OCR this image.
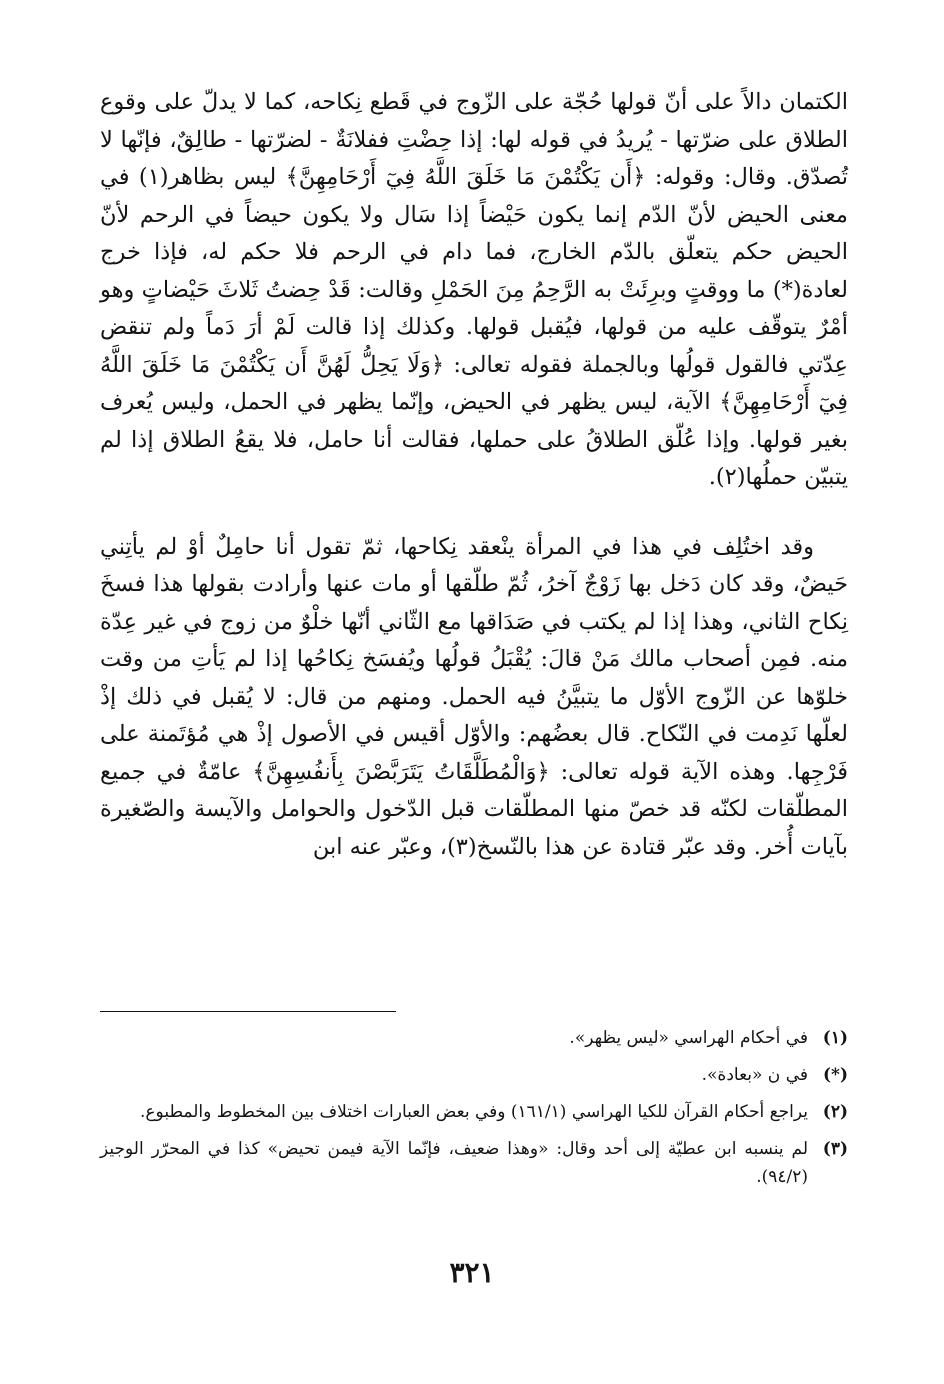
الكتمان دالاً على أنّ قولها حُجّة على الزّوج في قَطع نِكاحه، كما لا يدلّ على وقوع الطلاق على ضرّتها - يُريدُ في قوله لها: إذا حِضْتِ ففلانَةٌ - لضرّتها - طالِقٌ، فإنّها لا تُصدّق. وقال: وقوله: ﴿أَن يَكْتُمْنَ مَا خَلَقَ اللَّهُ فِيٓ أَرْحَامِهِنَّ﴾ ليس بظاهر(١) في معنى الحيض لأنّ الدّم إنما يكون حَيْضاً إذا سَال ولا يكون حيضاً في الرحم لأنّ الحيض حكم يتعلّق بالدّم الخارج، فما دام في الرحم فلا حكم له، فإذا خرج لعادة(*) ما ووقتٍ وبرِئَتْ به الرَّحِمُ مِنَ الحَمْلِ وقالت: قَدْ حِضتُ ثَلاثَ حَيْضاتٍ وهو أمْرٌ يتوقّف عليه من قولها، فيُقبل قولها. وكذلك إذا قالت لَمْ أرَ دَماً ولم تنقض عِدّتي فالقول قولُها وبالجملة فقوله تعالى: ﴿وَلَا يَحِلُّ لَهُنَّ أَن يَكْتُمْنَ مَا خَلَقَ اللَّهُ فِيٓ أَرْحَامِهِنَّ﴾ الآية، ليس يظهر في الحيض، وإنّما يظهر في الحمل، وليس يُعرف بغير قولها. وإذا عُلّق الطلاقُ على حملها، فقالت أنا حامل، فلا يقعُ الطلاق إذا لم يتبيّن حملُها(٢).

وقد اختُلِف في هذا في المرأة ينْعقد نِكاحها، ثمّ تقول أنا حامِلٌ أوْ لم يأتِني حَيضٌ، وقد كان دَخل بها زَوْجٌ آخرُ، ثُمّ طلّقها أو مات عنها وأرادت بقولها هذا فسخَ نِكاح الثاني، وهذا إذا لم يكتب في صَدَاقها مع الثّاني أنّها خلْوٌ من زوج في غير عِدّة منه. فمِن أصحاب مالك مَنْ قالَ: يُقْبَلُ قولُها ويُفسَخ نِكاحُها إذا لم يَأتِ من وقت خلوّها عن الزّوج الأوّل ما يتبيَّنُ فيه الحمل. ومنهم من قال: لا يُقبل في ذلك إذْ لعلّها نَدِمت في النّكاح. قال بعضُهم: والأوّل أقيس في الأصول إذْ هي مُؤتَمنة على فَرْجِها. وهذه الآية قوله تعالى: ﴿وَالْمُطَلَّقَاتُ يَتَرَبَّصْنَ بِأَنفُسِهِنَّ﴾ عامّةٌ في جميع المطلّقات لكنّه قد خصّ منها المطلّقات قبل الدّخول والحوامل والآيسة والصّغيرة بآيات أُخر. وقد عبّر قتادة عن هذا بالنّسخ(٣)، وعبّر عنه ابن

(١)
في أحكام الهراسي «ليس يظهر».
(*)
في ن «بعادة».
(٢)
يراجع أحكام القرآن للكيا الهراسي (١٦١/١) وفي بعض العبارات اختلاف بين المخطوط والمطبوع.
(٣)
لم ينسبه ابن عطيّة إلى أحد وقال: «وهذا ضعيف، فإنّما الآية فيمن تحيض» كذا في المحرّر الوجيز (٩٤/٢).
٣٢١
